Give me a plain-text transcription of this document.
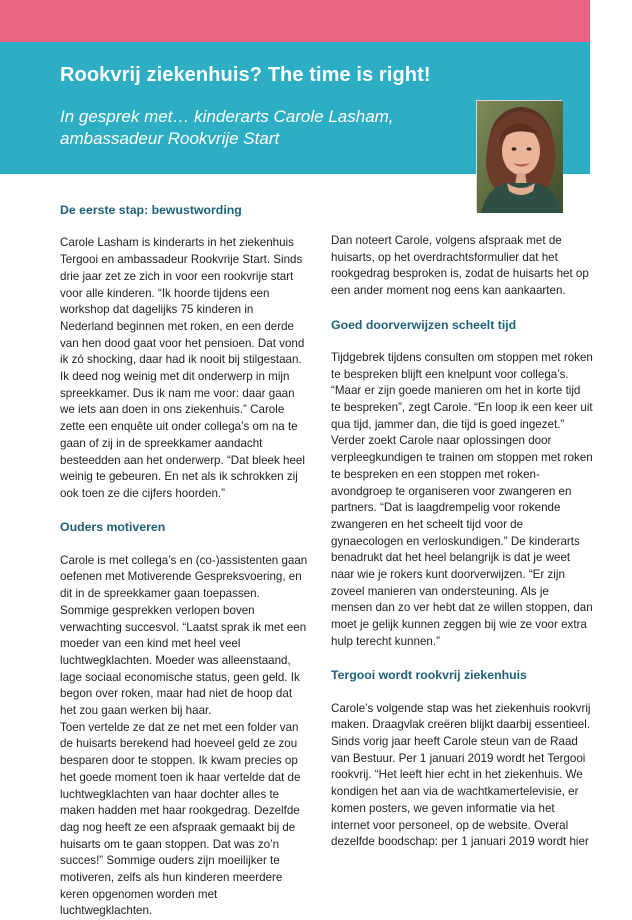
Rookvrij ziekenhuis? The time is right!
In gesprek met… kinderarts Carole Lasham,
ambassadeur Rookvrije Start
De eerste stap: bewustwording

Carole Lasham is kinderarts in het ziekenhuis Tergooi en ambassadeur Rookvrije Start. Sinds drie jaar zet ze zich in voor een rookvrije start voor alle kinderen. “Ik hoorde tijdens een workshop dat dagelijks 75 kinderen in Nederland beginnen met roken, en een derde van hen dood gaat voor het pensioen. Dat vond ik zó shocking, daar had ik nooit bij stilgestaan. Ik deed nog weinig met dit onderwerp in mijn spreekkamer. Dus ik nam me voor: daar gaan we iets aan doen in ons ziekenhuis.” Carole zette een enquête uit onder collega’s om na te gaan of zij in de spreekkamer aandacht besteedden aan het onderwerp. “Dat bleek heel weinig te gebeuren. En net als ik schrokken zij ook toen ze die cijfers hoorden.”

Ouders motiveren

Carole is met collega’s en (co-)assistenten gaan oefenen met Motiverende Gespreksvoering, en dit in de spreekkamer gaan toepassen. Sommige gesprekken verlopen boven verwachting succesvol. “Laatst sprak ik met een moeder van een kind met heel veel luchtwegklachten. Moeder was alleenstaand, lage sociaal economische status, geen geld. Ik begon over roken, maar had niet de hoop dat het zou gaan werken bij haar.

Toen vertelde ze dat ze net met een folder van de huisarts berekend had hoeveel geld ze zou besparen door te stoppen. Ik kwam precies op het goede moment toen ik haar vertelde dat de luchtwegklachten van haar dochter alles te maken hadden met haar rookgedrag. Dezelfde dag nog heeft ze een afspraak gemaakt bij de huisarts om te gaan stoppen. Dat was zo’n succes!” Sommige ouders zijn moeilijker te motiveren, zelfs als hun kinderen meerdere keren opgenomen worden met luchtwegklachten.

Dan noteert Carole, volgens afspraak met de huisarts, op het overdrachtsformulier dat het rookgedrag besproken is, zodat de huisarts het op een ander moment nog eens kan aankaarten.

Goed doorverwijzen scheelt tijd

Tijdgebrek tijdens consulten om stoppen met roken te bespreken blijft een knelpunt voor collega’s. “Maar er zijn goede manieren om het in korte tijd te bespreken”, zegt Carole. “En loop ik een keer uit qua tijd, jammer dan, die tijd is goed ingezet.” Verder zoekt Carole naar oplossingen door verpleegkundigen te trainen om stoppen met roken te bespreken en een stoppen met roken-avondgroep te organiseren voor zwangeren en partners. “Dat is laagdrempelig voor rokende zwangeren en het scheelt tijd voor de gynaecologen en verloskundigen.” De kinderarts benadrukt dat het heel belangrijk is dat je weet naar wie je rokers kunt doorverwijzen. “Er zijn zoveel manieren van ondersteuning. Als je mensen dan zo ver hebt dat ze willen stoppen, dan moet je gelijk kunnen zeggen bij wie ze voor extra hulp terecht kunnen.”

Tergooi wordt rookvrij ziekenhuis

Carole’s volgende stap was het ziekenhuis rookvrij maken. Draagvlak creëren blijkt daarbij essentieel. Sinds vorig jaar heeft Carole steun van de Raad van Bestuur. Per 1 januari 2019 wordt het Tergooi rookvrij. “Het leeft hier echt in het ziekenhuis. We kondigen het aan via de wachtkamertelevisie, er komen posters, we geven informatie via het internet voor personeel, op de website. Overal dezelfde boodschap: per 1 januari 2019 wordt hier
